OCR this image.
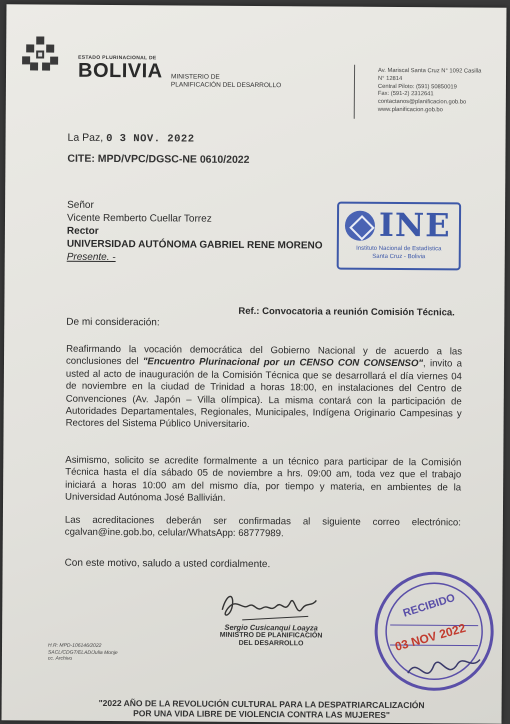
ESTADO PLURINACIONAL DE
BOLIVIA MINISTERIO DE
PLANIFICACIÓN DEL DESARROLLO
Av. Mariscal Santa Cruz N° 1092 Casilla
N° 12814
Central Piloto: (591) 50850019
Fax: (591-2) 2312641
contactanos@planificacion.gob.bo
www.planificacion.gob.bo
La Paz, 0 3 NOV. 2022
CITE: MPD/VPC/DGSC-NE 0610/2022
Señor
Vicente Remberto Cuellar Torrez
Rector
UNIVERSIDAD AUTÓNOMA GABRIEL RENE MORENO
Presente. -
INE
Instituto Nacional de Estadística
Santa Cruz - Bolivia
Ref.: Convocatoria a reunión Comisión Técnica.
De mi consideración:
Reafirmando la vocación democrática del Gobierno Nacional y de acuerdo a las conclusiones del "Encuentro Plurinacional por un CENSO CON CONSENSO", invito a usted al acto de inauguración de la Comisión Técnica que se desarrollará el día viernes 04 de noviembre en la ciudad de Trinidad a horas 18:00, en instalaciones del Centro de Convenciones (Av. Japón – Villa olímpica). La misma contará con la participación de Autoridades Departamentales, Regionales, Municipales, Indígena Originario Campesinas y Rectores del Sistema Público Universitario.
Asimismo, solicito se acredite formalmente a un técnico para participar de la Comisión Técnica hasta el día sábado 05 de noviembre a hrs. 09:00 am, toda vez que el trabajo iniciará a horas 10:00 am del mismo día, por tiempo y materia, en ambientes de la Universidad Autónoma José Ballivián.
Las acreditaciones deberán ser confirmadas al siguiente correo electrónico: cgalvan@ine.gob.bo, celular/WhatsApp: 68777989.
Con este motivo, saludo a usted cordialmente.
Sergio Cusicanqui Loayza
MINISTRO DE PLANIFICACIÓN
DEL DESARROLLO
H.R: MPD-106146/2022
SACL/CDGT/ELAD/Julia Monje
cc. Archivo
RECIBIDO
03 NOV 2022
"2022 AÑO DE LA REVOLUCIÓN CULTURAL PARA LA DESPATRIARCALIZACIÓN
POR UNA VIDA LIBRE DE VIOLENCIA CONTRA LAS MUJERES"
